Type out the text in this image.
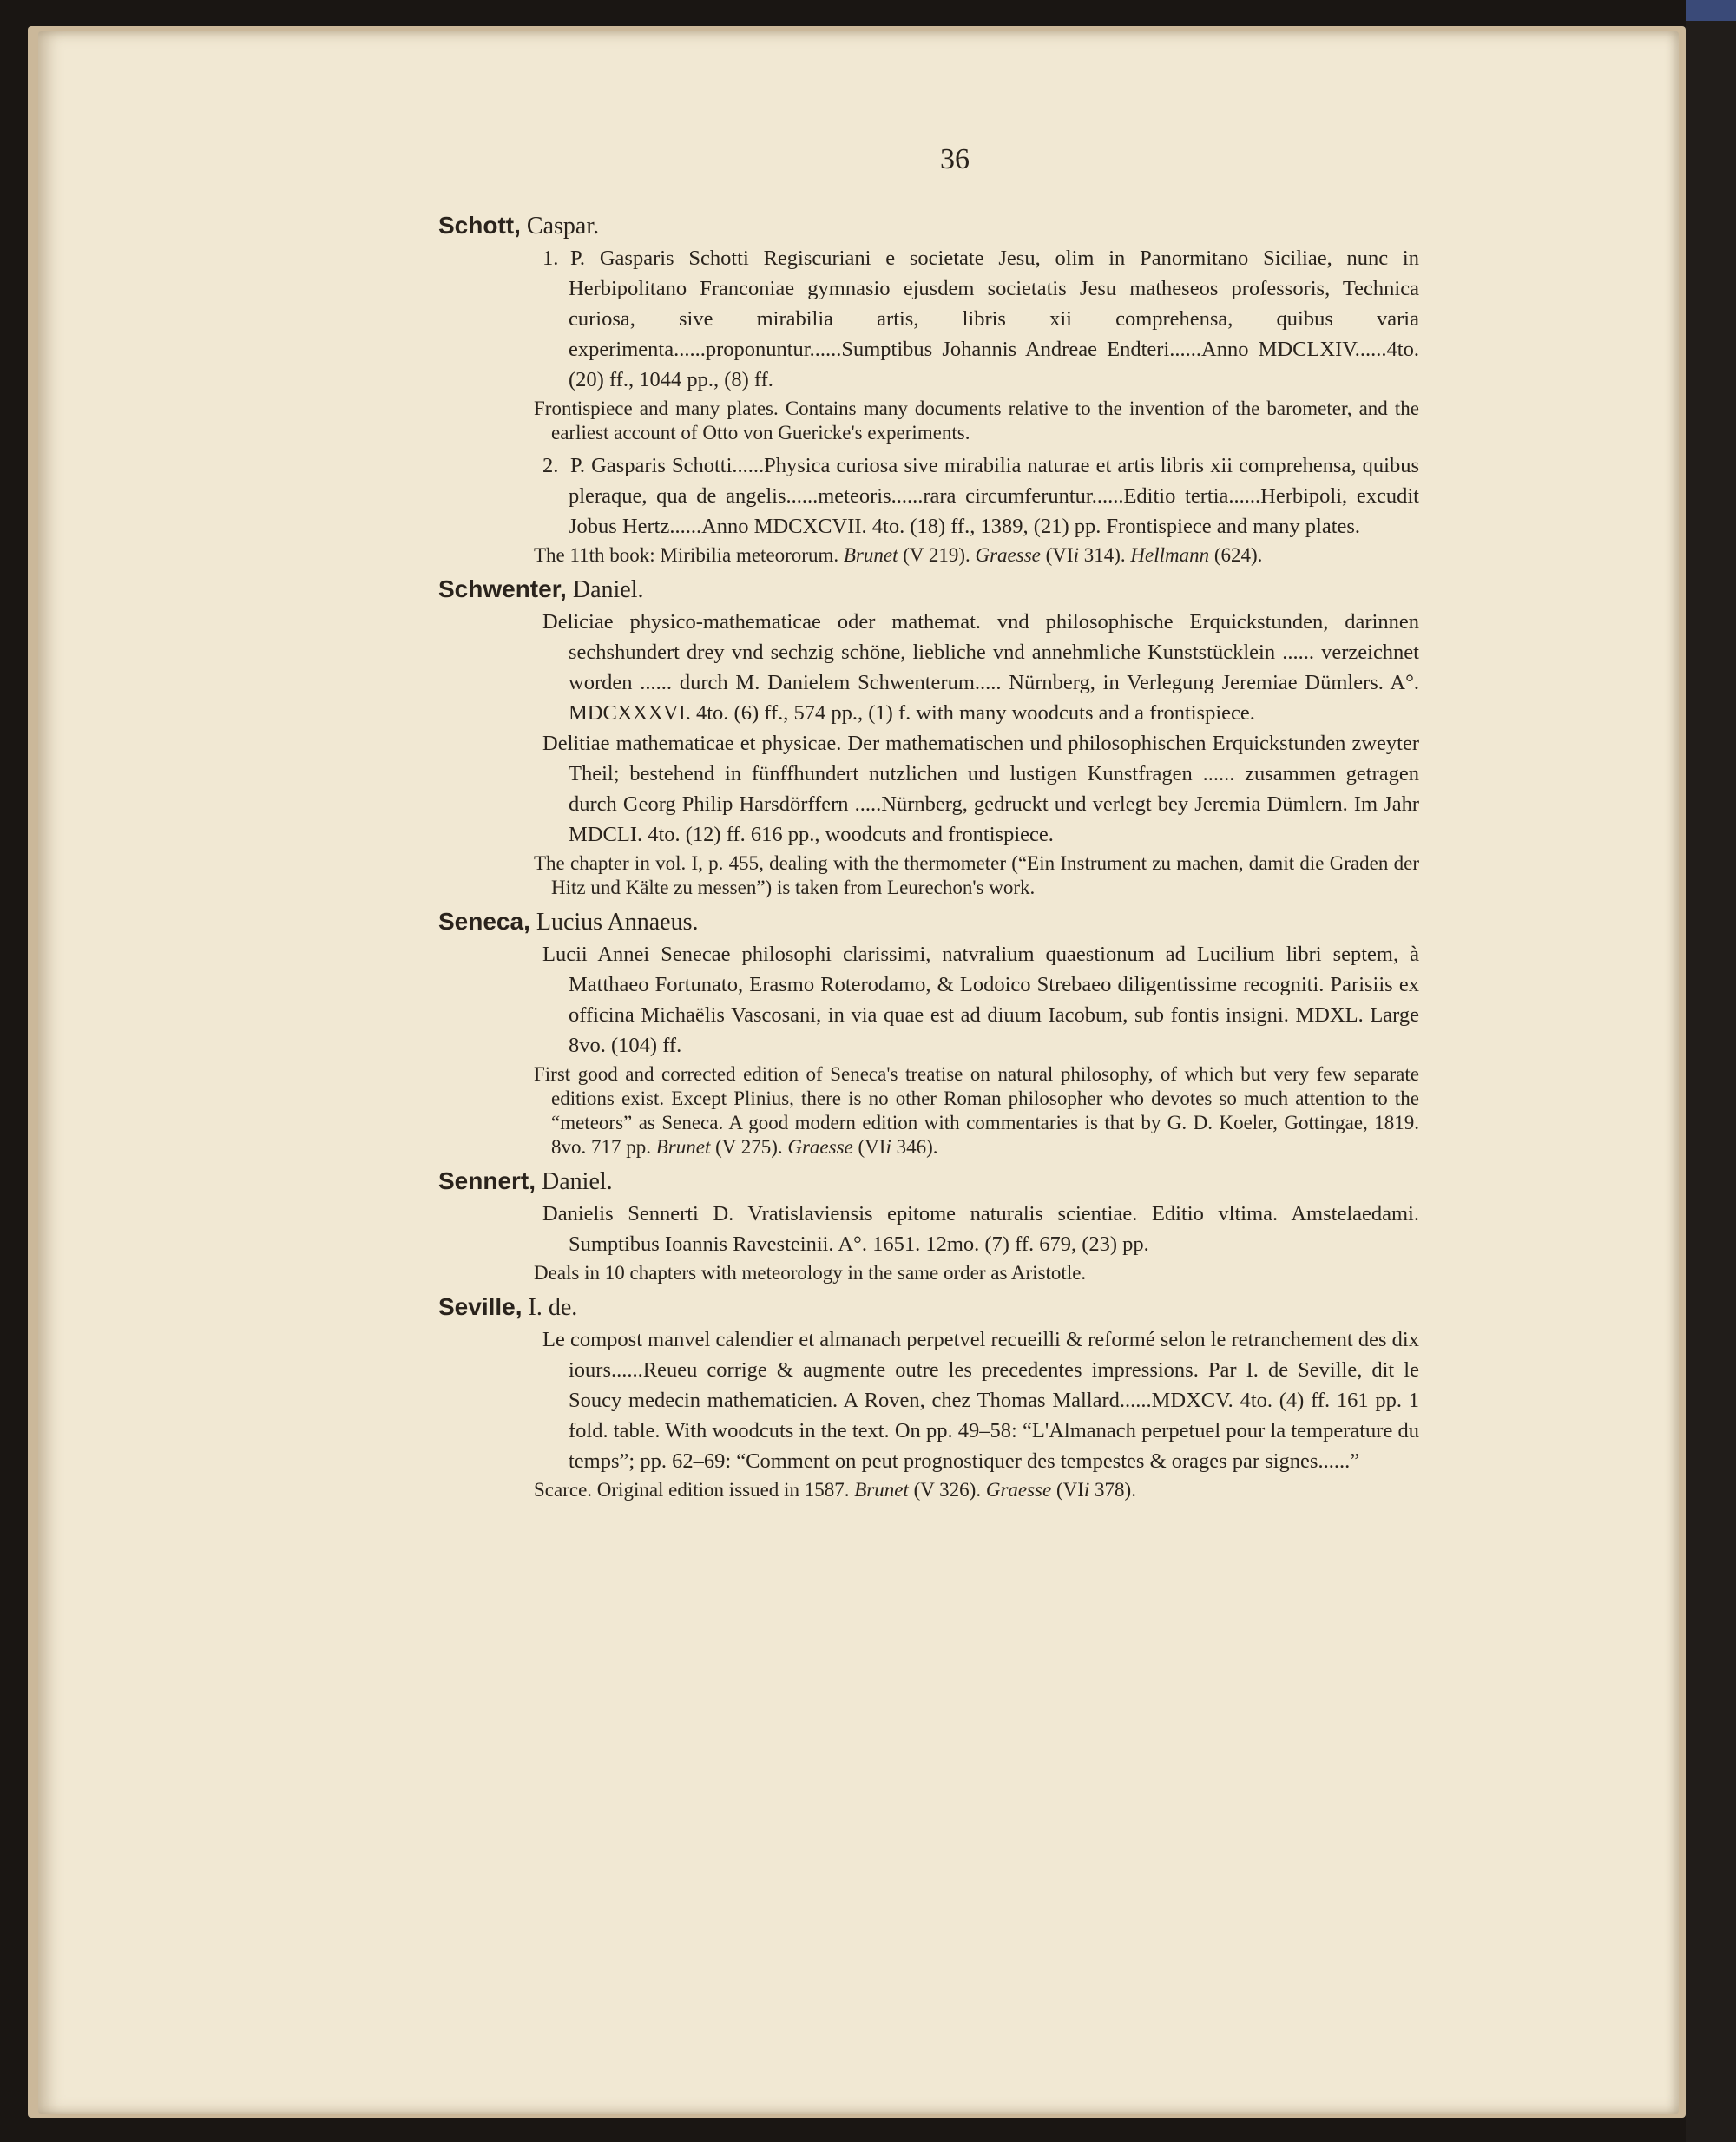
36
Schott, Caspar.
1. P. Gasparis Schotti Regiscuriani e societate Jesu, olim in Panormitano Siciliae, nunc in Herbipolitano Franconiae gymnasio ejusdem societatis Jesu matheseos professoris, Technica curiosa, sive mirabilia artis, libris xii comprehensa, quibus varia experimenta......proponuntur......Sumptibus Johannis Andreae Endteri......Anno MDCLXIV......4to. (20) ff., 1044 pp., (8) ff.
Frontispiece and many plates. Contains many documents relative to the invention of the barometer, and the earliest account of Otto von Guericke's experiments.
2. P. Gasparis Schotti......Physica curiosa sive mirabilia naturae et artis libris xii comprehensa, quibus pleraque, qua de angelis......meteoris......rara circumferuntur......Editio tertia......Herbipoli, excudit Jobus Hertz......Anno MDCXCVII. 4to. (18) ff., 1389, (21) pp. Frontispiece and many plates.
The 11th book: Miribilia meteororum. Brunet (V 219). Graesse (VIi 314). Hellmann (624).
Schwenter, Daniel.
Deliciae physico-mathematicae oder mathemat. vnd philosophische Erquickstunden, darinnen sechshundert drey vnd sechzig schöne, liebliche vnd annehmliche Kunststücklein ...... verzeichnet worden ...... durch M. Danielem Schwenterum..... Nürnberg, in Verlegung Jeremiae Dümlers. A°. MDCXXXVI. 4to. (6) ff., 574 pp., (1) f. with many woodcuts and a frontispiece.
Delitiae mathematicae et physicae. Der mathematischen und philosophischen Erquickstunden zweyter Theil; bestehend in fünffhundert nutzlichen und lustigen Kunstfragen ...... zusammen getragen durch Georg Philip Harsdörffern .....Nürnberg, gedruckt und verlegt bey Jeremia Dümlern. Im Jahr MDCLI. 4to. (12) ff. 616 pp., woodcuts and frontispiece.
The chapter in vol. I, p. 455, dealing with the thermometer (“Ein Instrument zu machen, damit die Graden der Hitz und Kälte zu messen”) is taken from Leurechon's work.
Seneca, Lucius Annaeus.
Lucii Annei Senecae philosophi clarissimi, natvralium quaestionum ad Lucilium libri septem, à Matthaeo Fortunato, Erasmo Roterodamo, & Lodoico Strebaeo diligentissime recogniti. Parisiis ex officina Michaëlis Vascosani, in via quae est ad diuum Iacobum, sub fontis insigni. MDXL. Large 8vo. (104) ff.
First good and corrected edition of Seneca's treatise on natural philosophy, of which but very few separate editions exist. Except Plinius, there is no other Roman philosopher who devotes so much attention to the “meteors” as Seneca. A good modern edition with commentaries is that by G. D. Koeler, Gottingae, 1819. 8vo. 717 pp. Brunet (V 275). Graesse (VIi 346).
Sennert, Daniel.
Danielis Sennerti D. Vratislaviensis epitome naturalis scientiae. Editio vltima. Amstelaedami. Sumptibus Ioannis Ravesteinii. A°. 1651. 12mo. (7) ff. 679, (23) pp.
Deals in 10 chapters with meteorology in the same order as Aristotle.
Seville, I. de.
Le compost manvel calendier et almanach perpetvel recueilli & reformé selon le retranchement des dix iours......Reueu corrige & augmente outre les precedentes impressions. Par I. de Seville, dit le Soucy medecin mathematicien. A Roven, chez Thomas Mallard......MDXCV. 4to. (4) ff. 161 pp. 1 fold. table. With woodcuts in the text. On pp. 49–58: “L'Almanach perpetuel pour la temperature du temps”; pp. 62–69: “Comment on peut prognostiquer des tempestes & orages par signes......”
Scarce. Original edition issued in 1587. Brunet (V 326). Graesse (VIi 378).
